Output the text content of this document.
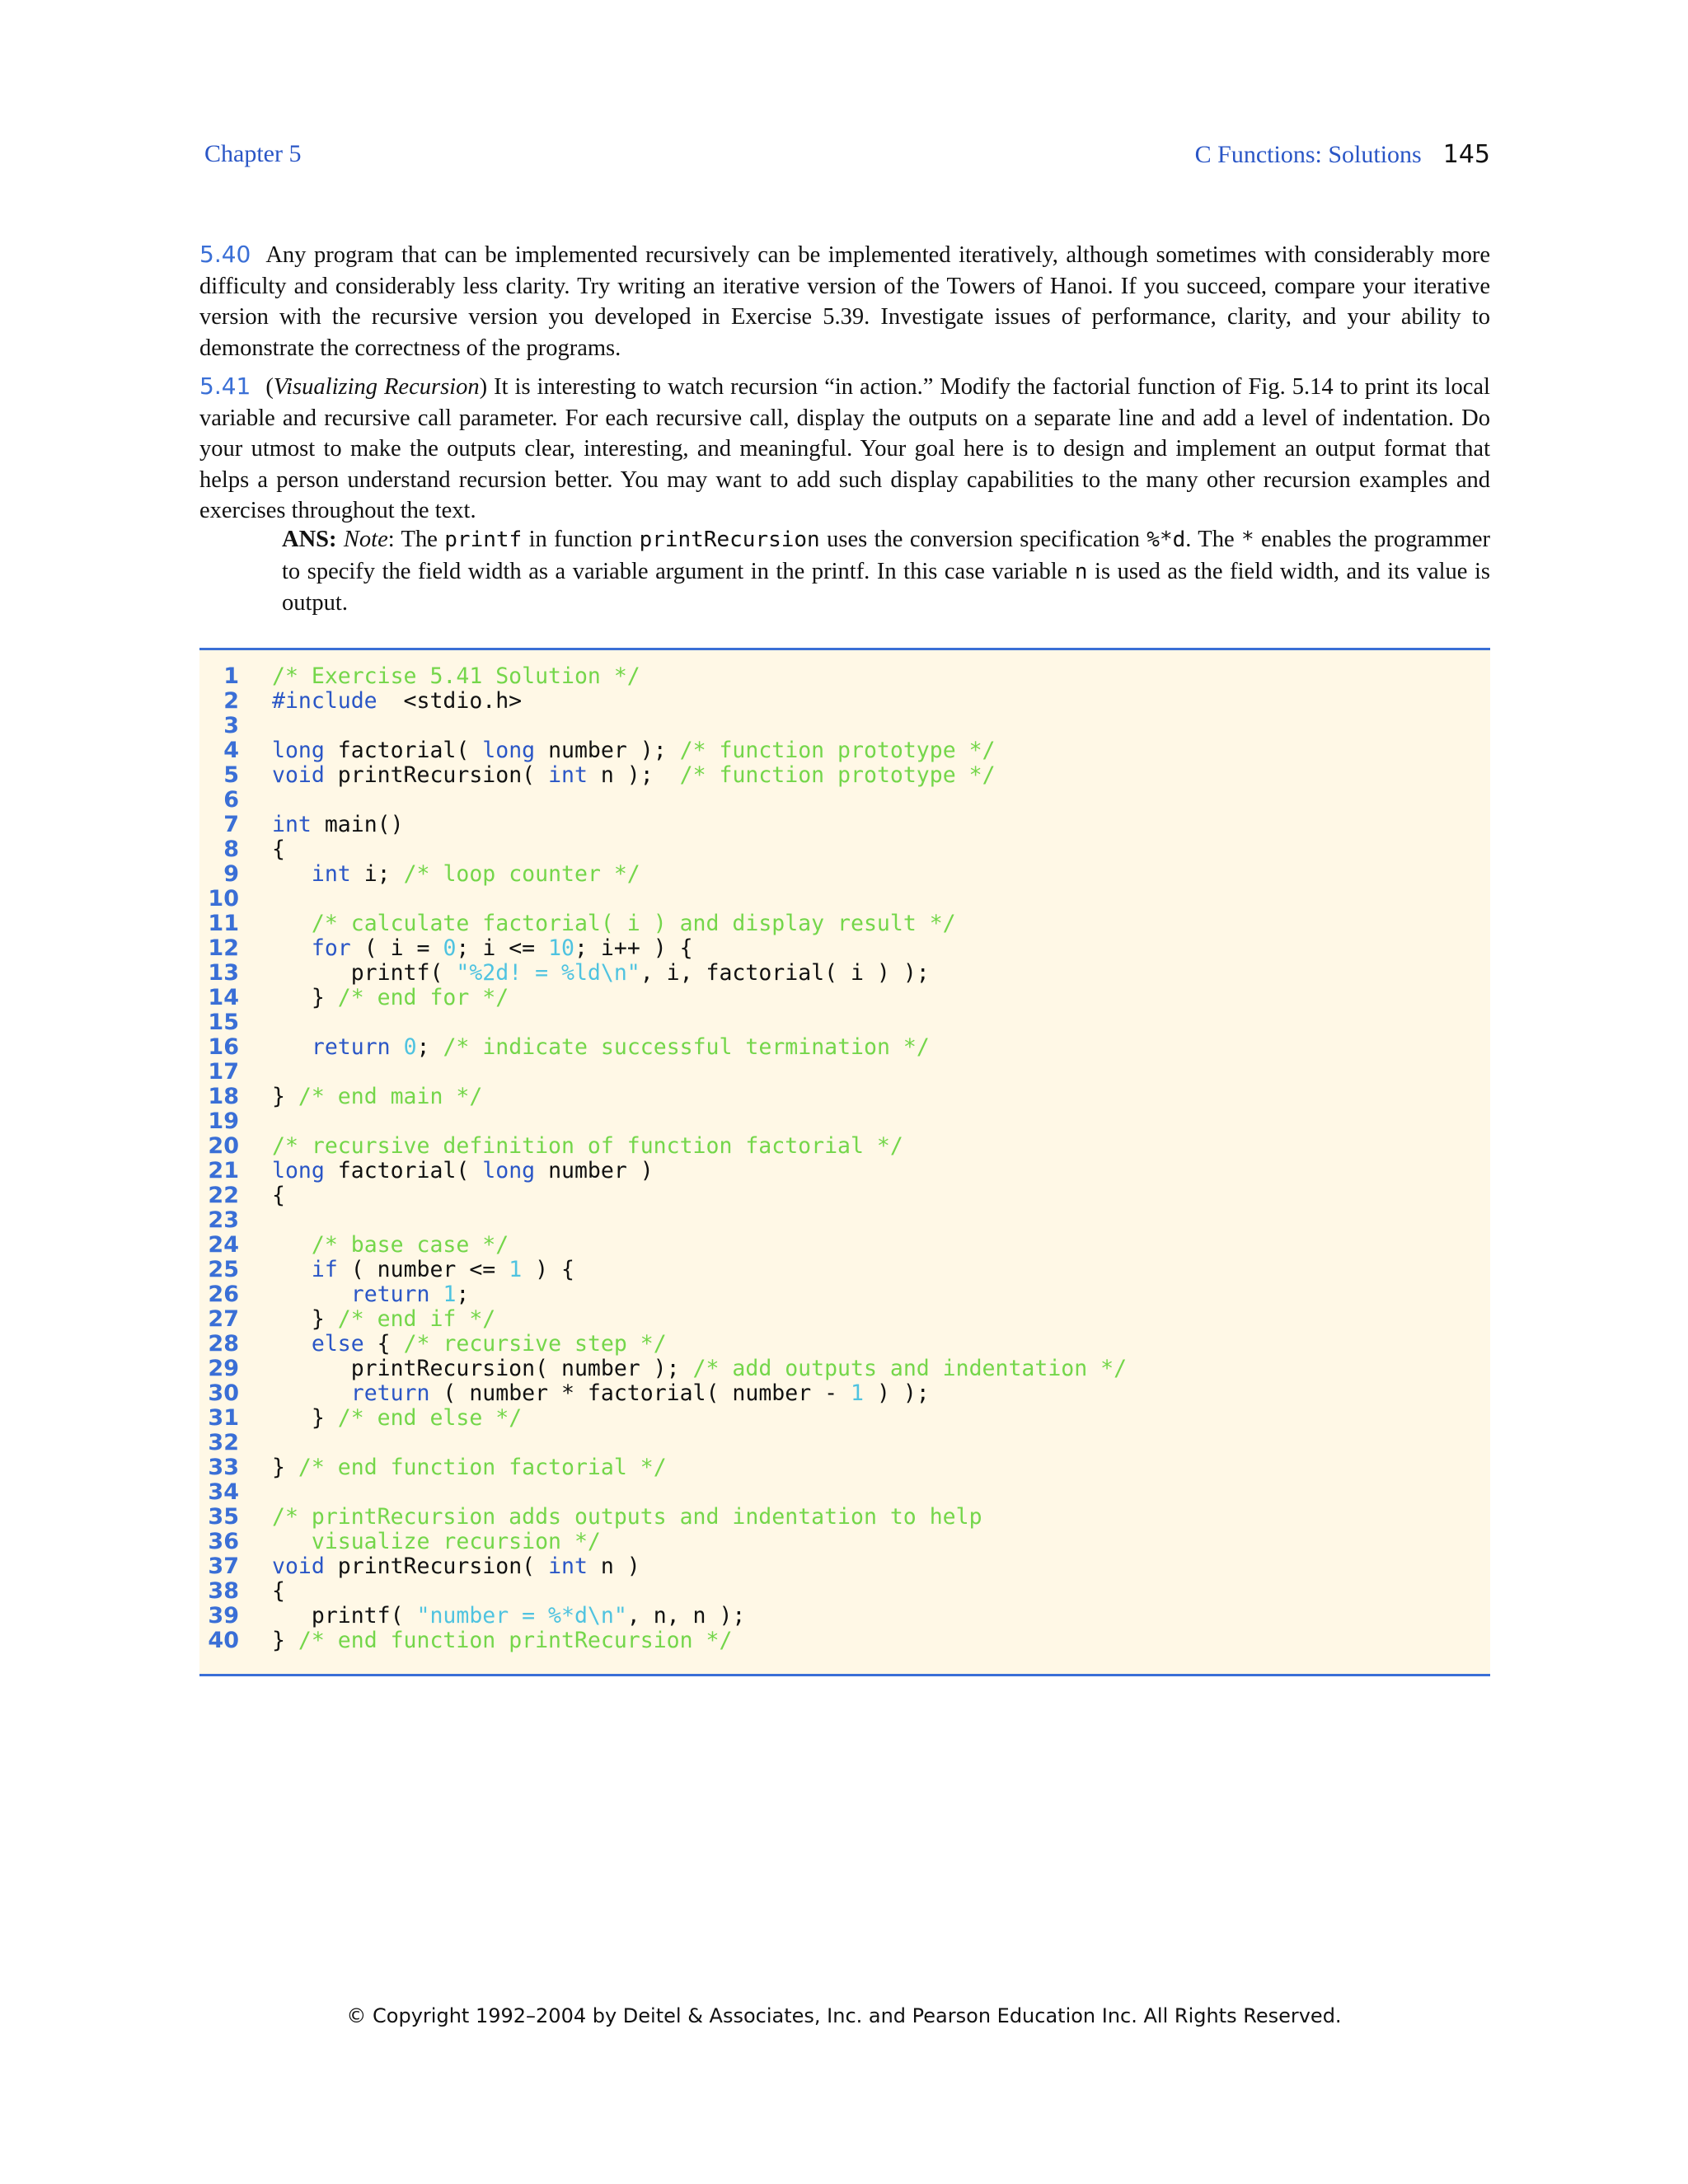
Chapter 5	C Functions: Solutions 145
5.40 Any program that can be implemented recursively can be implemented iteratively, although sometimes with considerably more difficulty and considerably less clarity. Try writing an iterative version of the Towers of Hanoi. If you succeed, compare your iterative version with the recursive version you developed in Exercise 5.39. Investigate issues of performance, clarity, and your ability to demonstrate the correctness of the programs.
5.41 (Visualizing Recursion) It is interesting to watch recursion “in action.” Modify the factorial function of Fig. 5.14 to print its local variable and recursive call parameter. For each recursive call, display the outputs on a separate line and add a level of indentation. Do your utmost to make the outputs clear, interesting, and meaningful. Your goal here is to design and implement an output format that helps a person understand recursion better. You may want to add such display capabilities to the many other recursion examples and exercises throughout the text.
ANS: Note: The printf in function printRecursion uses the conversion specification %*d. The * enables the programmer to specify the field width as a variable argument in the printf. In this case variable n is used as the field width, and its value is output.
1 /* Exercise 5.41 Solution */
2 #include  <stdio.h>
3
4 long factorial( long number ); /* function prototype */
5 void printRecursion( int n );  /* function prototype */
6
7 int main()
8 {
9	int i; /* loop counter */
10
11	/* calculate factorial( i ) and display result */
12	for ( i = 0; i <= 10; i++ ) {
13      printf( "%2d! = %ld\n", i, factorial( i ) );
14   } /* end for */
15
16	return 0; /* indicate successful termination */
17
18 } /* end main */
19
20 /* recursive definition of function factorial */
21 long factorial( long number )
22 {
23
24	/* base case */
25	if ( number <= 1 ) {
26	return 1;
27   } /* end if */
28	else { /* recursive step */
29      printRecursion( number ); /* add outputs and indentation */
30	return ( number * factorial( number - 1 ) );
31   } /* end else */
32
33 } /* end function factorial */
34
35 /* printRecursion adds outputs and indentation to help
36   visualize recursion */
37 void printRecursion( int n )
38 {
39   printf( "number = %*d\n", n, n );
40 } /* end function printRecursion */
© Copyright 1992–2004 by Deitel & Associates, Inc. and Pearson Education Inc. All Rights Reserved.
